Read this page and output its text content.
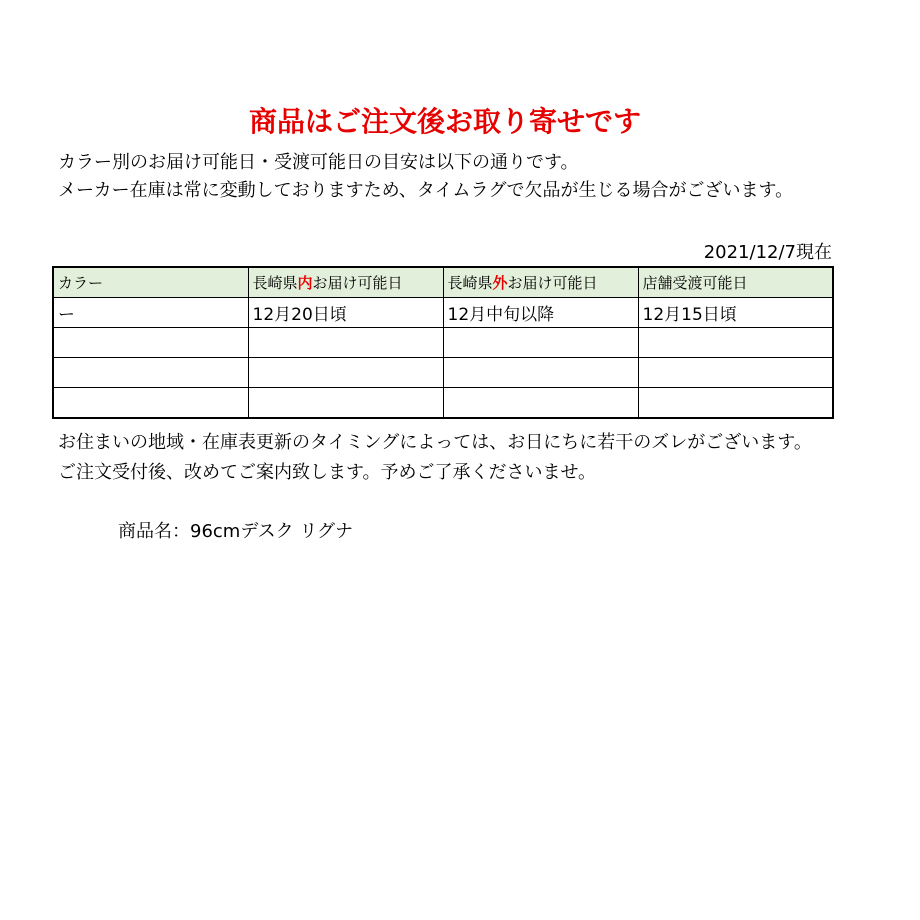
商品はご注文後お取り寄せです
カラー別のお届け可能日・受渡可能日の目安は以下の通りです。
メーカー在庫は常に変動しておりますため、タイムラグで欠品が生じる場合がございます。
2021/12/7現在
カラー	長崎県内お届け可能日	長崎県外お届け可能日	店舗受渡可能日
ー	12月20日頃	12月中旬以降	12月15日頃

お住まいの地域・在庫表更新のタイミングによっては、お日にちに若干のズレがございます。
ご注文受付後、改めてご案内致します。予めご了承くださいませ。
商品名：96cmデスク リグナ
